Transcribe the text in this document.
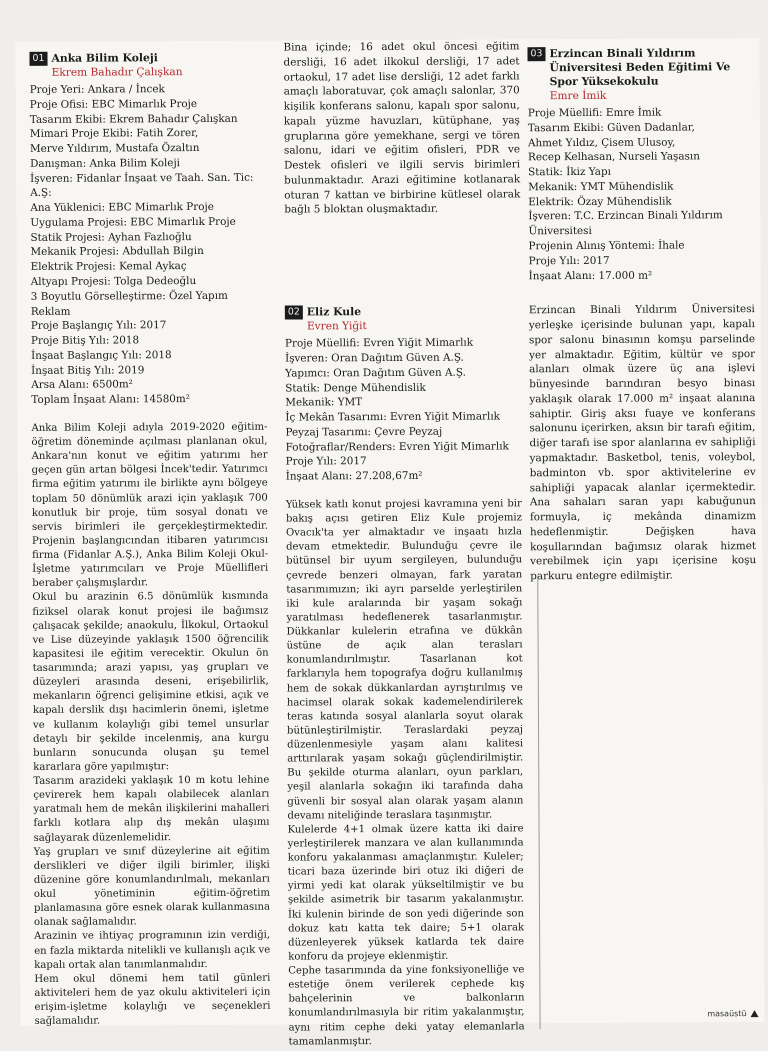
01 Anka Bilim Koleji
Ekrem Bahadır Çalışkan
Proje Yeri: Ankara / İncek
Proje Ofisi: EBC Mimarlık Proje
Tasarım Ekibi: Ekrem Bahadır Çalışkan
Mimari Proje Ekibi: Fatih Zorer,
Merve Yıldırım, Mustafa Özaltın
Danışman: Anka Bilim Koleji
İşveren: Fidanlar İnşaat ve Taah. San. Tic: A.Ş:
Ana Yüklenici: EBC Mimarlık Proje
Uygulama Projesi: EBC Mimarlık Proje
Statik Projesi: Ayhan Fazlıoğlu
Mekanik Projesi: Abdullah Bilgin
Elektrik Projesi: Kemal Aykaç
Altyapı Projesi: Tolga Dedeoğlu
3 Boyutlu Görselleştirme: Özel Yapım Reklam
Proje Başlangıç Yılı: 2017
Proje Bitiş Yılı: 2018
İnşaat Başlangıç Yılı: 2018
İnşaat Bitiş Yılı: 2019
Arsa Alanı: 6500m²
Toplam İnşaat Alanı: 14580m²

Anka Bilim Koleji adıyla 2019-2020 eğitim-öğretim döneminde açılması planlanan okul, Ankara'nın konut ve eğitim yatırımı her geçen gün artan bölgesi İncek'tedir. Yatırımcı firma eğitim yatırımı ile birlikte aynı bölgeye toplam 50 dönümlük arazi için yaklaşık 700 konutluk bir proje, tüm sosyal donatı ve servis birimleri ile gerçekleştirmektedir. Projenin başlangıcından itibaren yatırımcısı firma (Fidanlar A.Ş.), Anka Bilim Koleji Okul-İşletme yatırımcıları ve Proje Müellifleri beraber çalışmışlardır.

Okul bu arazinin 6.5 dönümlük kısmında fiziksel olarak konut projesi ile bağımsız çalışacak şekilde; anaokulu, İlkokul, Ortaokul ve Lise düzeyinde yaklaşık 1500 öğrencilik kapasitesi ile eğitim verecektir. Okulun ön tasarımında; arazi yapısı, yaş grupları ve düzeyleri arasında deseni, erişebilirlik, mekanların öğrenci gelişimine etkisi, açık ve kapalı derslik dışı hacimlerin önemi, işletme ve kullanım kolaylığı gibi temel unsurlar detaylı bir şekilde incelenmiş, ana kurgu bunların sonucunda oluşan şu temel kararlara göre yapılmıştır:

Tasarım arazideki yaklaşık 10 m kotu lehine çevirerek hem kapalı olabilecek alanları yaratmalı hem de mekân ilişkilerini mahalleri farklı kotlara alıp dış mekân ulaşımı sağlayarak düzenlemelidir.

Yaş grupları ve sınıf düzeylerine ait eğitim derslikleri ve diğer ilgili birimler, ilişki düzenine göre konumlandırılmalı, mekanları okul yönetiminin eğitim-öğretim planlamasına göre esnek olarak kullanmasına olanak sağlamalıdır.

Arazinin ve ihtiyaç programının izin verdiği, en fazla miktarda nitelikli ve kullanışlı açık ve kapalı ortak alan tanımlanmalıdır.

Hem okul dönemi hem tatil günleri aktiviteleri hem de yaz okulu aktiviteleri için erişim-işletme kolaylığı ve seçenekleri sağlamalıdır.

Bina içinde; 16 adet okul öncesi eğitim dersliği, 16 adet ilkokul dersliği, 17 adet ortaokul, 17 adet lise dersliği, 12 adet farklı amaçlı laboratuvar, çok amaçlı salonlar, 370 kişilik konferans salonu, kapalı spor salonu, kapalı yüzme havuzları, kütüphane, yaş gruplarına göre yemekhane, sergi ve tören salonu, idari ve eğitim ofisleri, PDR ve Destek ofisleri ve ilgili servis birimleri bulunmaktadır. Arazi eğitimine kotlanarak oturan 7 kattan ve birbirine kütlesel olarak bağlı 5 bloktan oluşmaktadır.

02 Eliz Kule
Evren Yiğit
Proje Müellifi: Evren Yiğit Mimarlık
İşveren: Oran Dağıtım Güven A.Ş.
Yapımcı: Oran Dağıtım Güven A.Ş.
Statik: Denge Mühendislik
Mekanik: YMT
İç Mekân Tasarımı: Evren Yiğit Mimarlık
Peyzaj Tasarımı: Çevre Peyzaj
Fotoğraflar/Renders: Evren Yiğit Mimarlık
Proje Yılı: 2017
İnşaat Alanı: 27.208,67m²

Yüksek katlı konut projesi kavramına yeni bir bakış açısı getiren Eliz Kule projemiz Ovacık'ta yer almaktadır ve inşaatı hızla devam etmektedir. Bulunduğu çevre ile bütünsel bir uyum sergileyen, bulunduğu çevrede benzeri olmayan, fark yaratan tasarımımızın; iki ayrı parselde yerleştirilen iki kule aralarında bir yaşam sokağı yaratılması hedeflenerek tasarlanmıştır. Dükkanlar kulelerin etrafına ve dükkân üstüne de açık alan terasları konumlandırılmıştır. Tasarlanan kot farklarıyla hem topografya doğru kullanılmış hem de sokak dükkanlardan ayrıştırılmış ve hacimsel olarak sokak kademelendirilerek teras katında sosyal alanlarla soyut olarak bütünleştirilmiştir. Teraslardaki peyzaj düzenlenmesiyle yaşam alanı kalitesi arttırılarak yaşam sokağı güçlendirilmiştir. Bu şekilde oturma alanları, oyun parkları, yeşil alanlarla sokağın iki tarafında daha güvenli bir sosyal alan olarak yaşam alanın devamı niteliğinde teraslara taşınmıştır.

Kulelerde 4+1 olmak üzere katta iki daire yerleştirilerek manzara ve alan kullanımında konforu yakalanması amaçlanmıştır. Kuleler; ticari baza üzerinde biri otuz iki diğeri de yirmi yedi kat olarak yükseltilmiştir ve bu şekilde asimetrik bir tasarım yakalanmıştır. İki kulenin birinde de son yedi diğerinde son dokuz katı katta tek daire; 5+1 olarak düzenleyerek yüksek katlarda tek daire konforu da projeye eklenmiştir.

Cephe tasarımında da yine fonksiyonelliğe ve estetiğe önem verilerek cephede kış bahçelerinin ve balkonların konumlandırılmasıyla bir ritim yakalanmıştır, aynı ritim cephe deki yatay elemanlarla tamamlanmıştır.

03 Erzincan Binali Yıldırım Üniversitesi Beden Eğitimi Ve Spor Yüksekokulu
Emre İmik
Proje Müellifi: Emre İmik
Tasarım Ekibi: Güven Dadanlar,
Ahmet Yıldız, Çisem Ulusoy,
Recep Kelhasan, Nurseli Yaşasın
Statik: İkiz Yapı
Mekanik: YMT Mühendislik
Elektrik: Özay Mühendislik
İşveren: T.C. Erzincan Binali Yıldırım Üniversitesi
Projenin Alınış Yöntemi: İhale
Proje Yılı: 2017
İnşaat Alanı: 17.000 m²

Erzincan Binali Yıldırım Üniversitesi yerleşke içerisinde bulunan yapı, kapalı spor salonu binasının komşu parselinde yer almaktadır. Eğitim, kültür ve spor alanları olmak üzere üç ana işlevi bünyesinde barındıran besyo binası yaklaşık olarak 17.000 m² inşaat alanına sahiptir. Giriş aksı fuaye ve konferans salonunu içerirken, aksın bir tarafı eğitim, diğer tarafı ise spor alanlarına ev sahipliği yapmaktadır. Basketbol, tenis, voleybol, badminton vb. spor aktivitelerine ev sahipliği yapacak alanlar içermektedir. Ana sahaları saran yapı kabuğunun formuyla, iç mekânda dinamizm hedeflenmiştir. Değişken hava koşullarından bağımsız olarak hizmet verebilmek için yapı içerisine koşu parkuru entegre edilmiştir.

masaüstü
